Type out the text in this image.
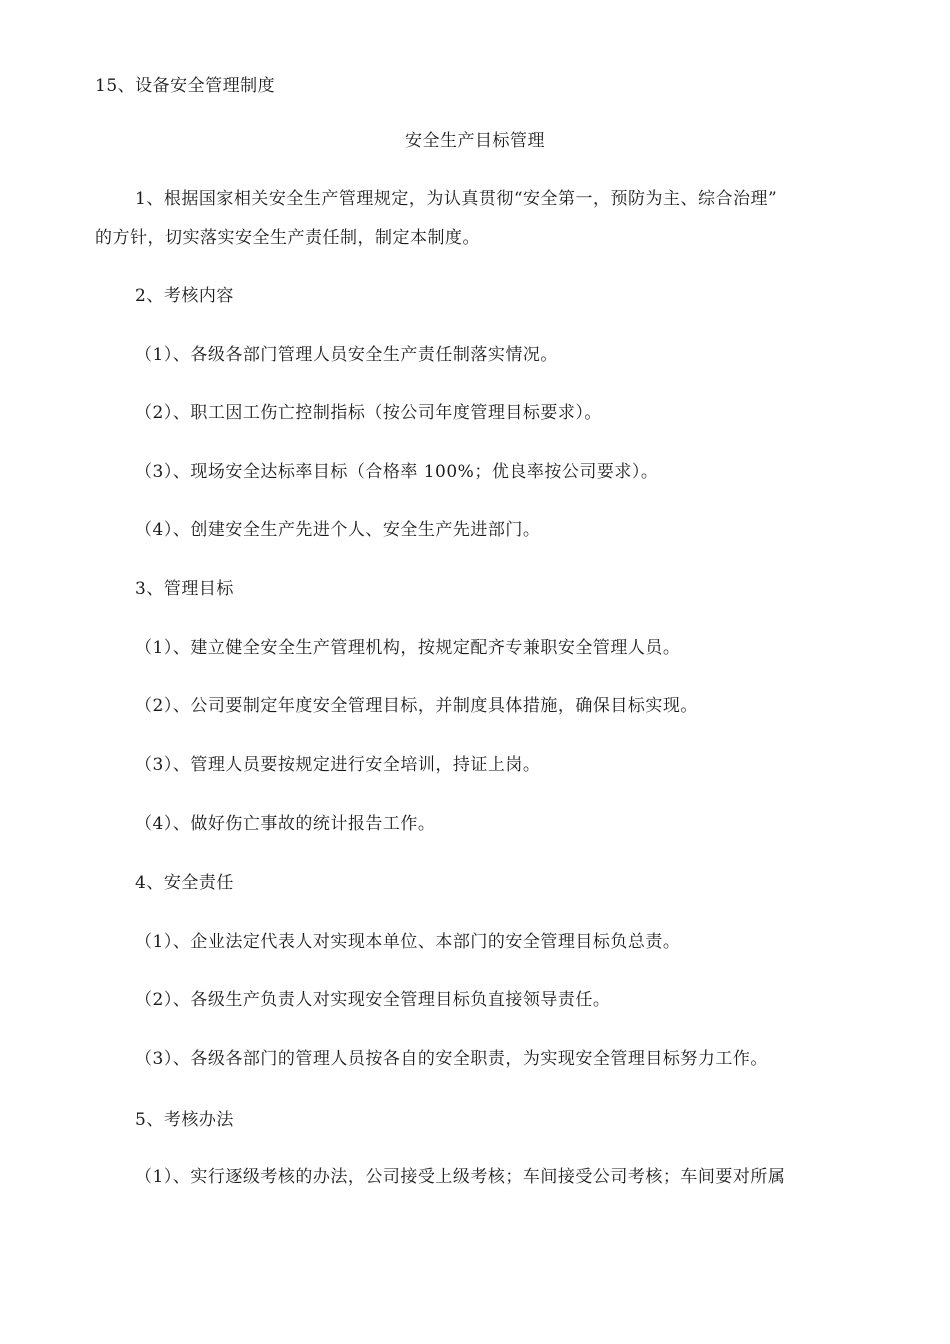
15、设备安全管理制度
安全生产目标管理
1、根据国家相关安全生产管理规定，为认真贯彻“安全第一，预防为主、综合治理”
的方针，切实落实安全生产责任制，制定本制度。
2、考核内容
（1）、各级各部门管理人员安全生产责任制落实情况。
（2）、职工因工伤亡控制指标（按公司年度管理目标要求）。
（3）、现场安全达标率目标（合格率 100%；优良率按公司要求）。
（4）、创建安全生产先进个人、安全生产先进部门。
3、管理目标
（1）、建立健全安全生产管理机构，按规定配齐专兼职安全管理人员。
（2）、公司要制定年度安全管理目标，并制度具体措施，确保目标实现。
（3）、管理人员要按规定进行安全培训，持证上岗。
（4）、做好伤亡事故的统计报告工作。
4、安全责任
（1）、企业法定代表人对实现本单位、本部门的安全管理目标负总责。
（2）、各级生产负责人对实现安全管理目标负直接领导责任。
（3）、各级各部门的管理人员按各自的安全职责，为实现安全管理目标努力工作。
5、考核办法
（1）、实行逐级考核的办法，公司接受上级考核；车间接受公司考核；车间要对所属
